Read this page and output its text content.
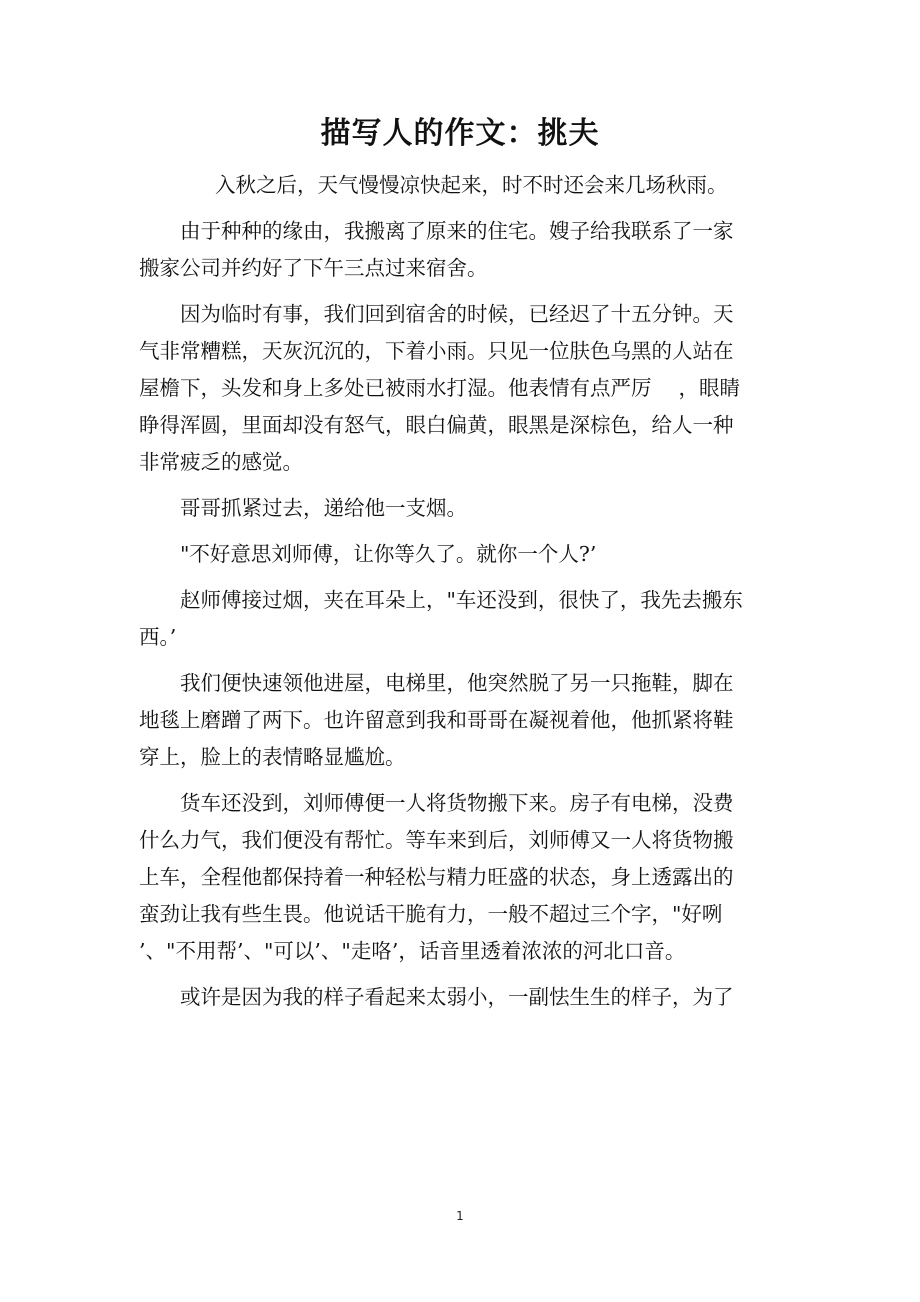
描写人的作文：挑夫
入秋之后，天气慢慢凉快起来，时不时还会来几场秋雨。
由于种种的缘由，我搬离了原来的住宅。嫂子给我联系了一家
搬家公司并约好了下午三点过来宿舍。
因为临时有事，我们回到宿舍的时候，已经迟了十五分钟。天
气非常糟糕，天灰沉沉的，下着小雨。只见一位肤色乌黑的人站在
屋檐下，头发和身上多处已被雨水打湿。他表情有点严厉 　，眼睛
睁得浑圆，里面却没有怒气，眼白偏黄，眼黑是深棕色，给人一种
非常疲乏的感觉。
哥哥抓紧过去，递给他一支烟。
"不好意思刘师傅，让你等久了。就你一个人?’
赵师傅接过烟，夹在耳朵上，"车还没到，很快了，我先去搬东
西。’
我们便快速领他进屋，电梯里，他突然脱了另一只拖鞋，脚在
地毯上磨蹭了两下。也许留意到我和哥哥在凝视着他，他抓紧将鞋
穿上，脸上的表情略显尴尬。
货车还没到，刘师傅便一人将货物搬下来。房子有电梯，没费
什么力气，我们便没有帮忙。等车来到后，刘师傅又一人将货物搬
上车，全程他都保持着一种轻松与精力旺盛的状态，身上透露出的
蛮劲让我有些生畏。他说话干脆有力，一般不超过三个字，"好咧
’、"不用帮’、"可以’、"走咯’，话音里透着浓浓的河北口音。
或许是因为我的样子看起来太弱小，一副怯生生的样子，为了
1
